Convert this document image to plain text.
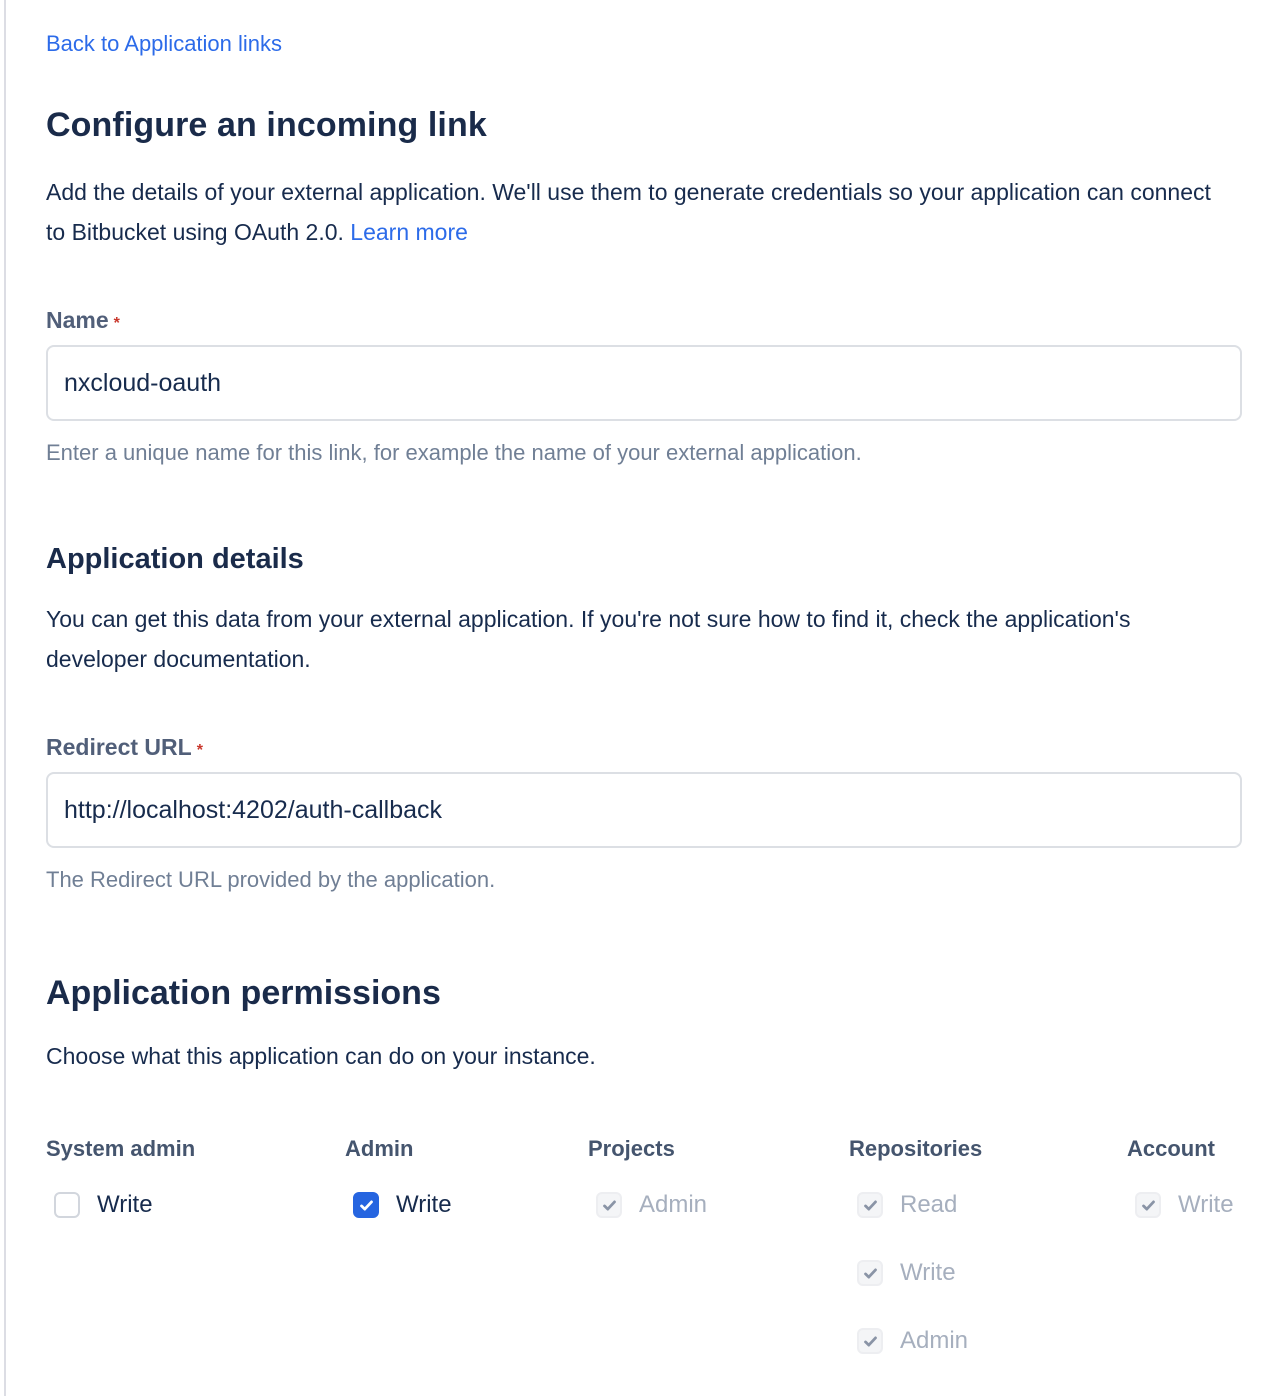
Back to Application links
Configure an incoming link

Add the details of your external application. We'll use them to generate credentials so your application can connect to Bitbucket using OAuth 2.0. Learn more

Name *
nxcloud-oauth
Enter a unique name for this link, for example the name of your external application.
Application details

You can get this data from your external application. If you're not sure how to find it, check the application's developer documentation.

Redirect URL *
http://localhost:4202/auth-callback
The Redirect URL provided by the application.
Application permissions

Choose what this application can do on your instance.

System admin
Write
Admin
Write
Projects
Admin
Repositories
Read
Write
Admin
Account
Write
